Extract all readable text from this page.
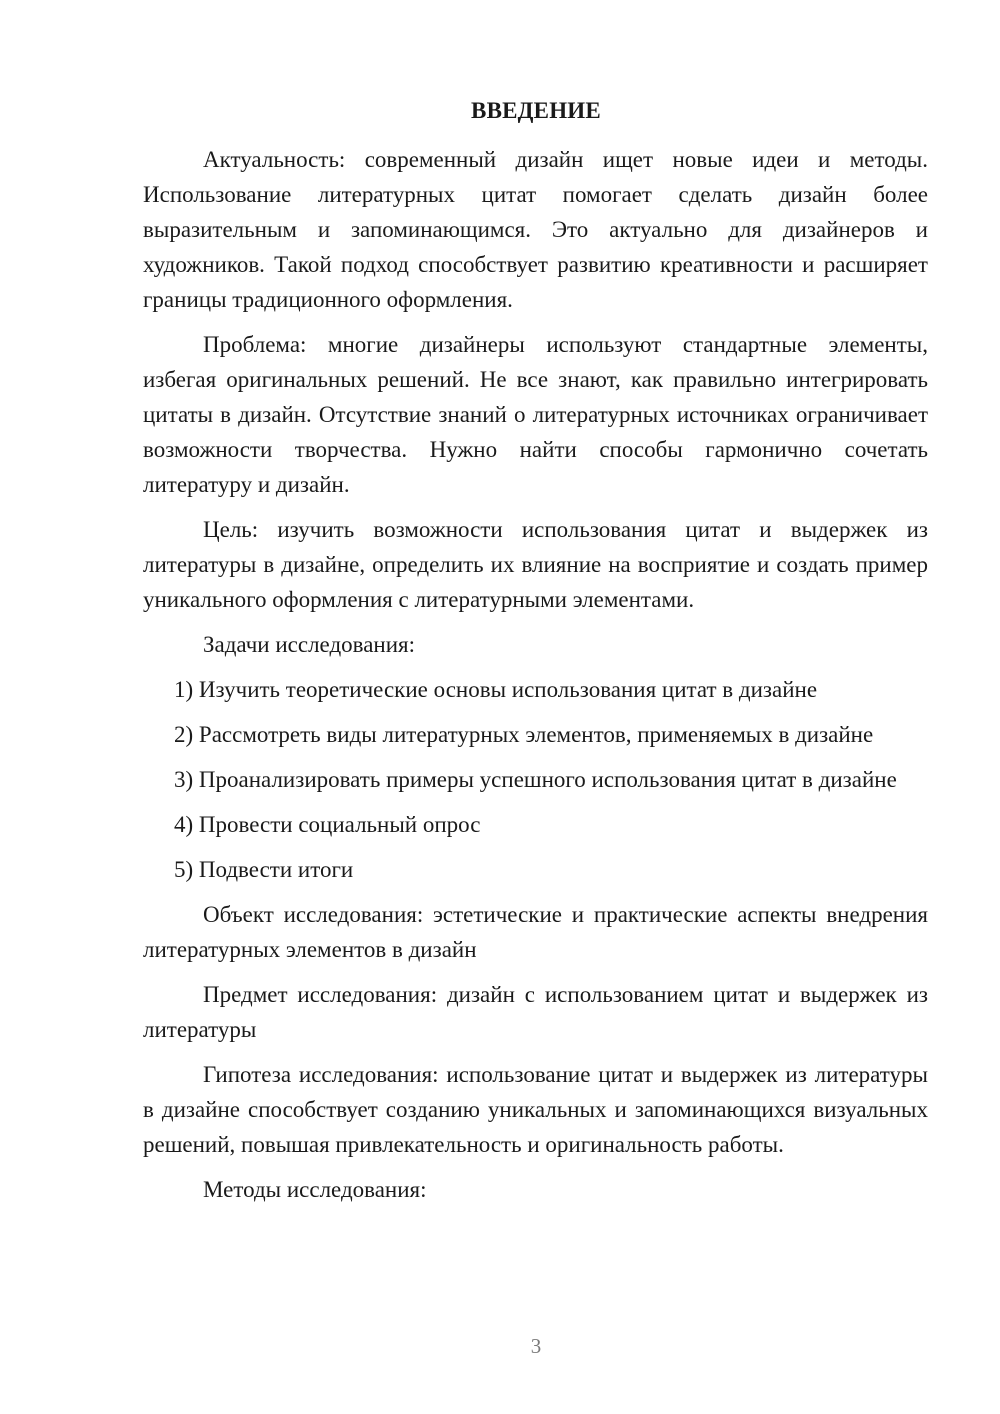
ВВЕДЕНИЕ

Актуальность: современный дизайн ищет новые идеи и методы. Использование литературных цитат помогает сделать дизайн более выразительным и запоминающимся. Это актуально для дизайнеров и художников. Такой подход способствует развитию креативности и расширяет границы традиционного оформления.

Проблема: многие дизайнеры используют стандартные элементы, избегая оригинальных решений. Не все знают, как правильно интегрировать цитаты в дизайн. Отсутствие знаний о литературных источниках ограничивает возможности творчества. Нужно найти способы гармонично сочетать литературу и дизайн.

Цель: изучить возможности использования цитат и выдержек из литературы в дизайне, определить их влияние на восприятие и создать пример уникального оформления с литературными элементами.

Задачи исследования:

1) Изучить теоретические основы использования цитат в дизайне

2) Рассмотреть виды литературных элементов, применяемых в дизайне

3) Проанализировать примеры успешного использования цитат в дизайне

4) Провести социальный опрос

5) Подвести итоги

Объект исследования: эстетические и практические аспекты внедрения литературных элементов в дизайн

Предмет исследования: дизайн с использованием цитат и выдержек из литературы

Гипотеза исследования: использование цитат и выдержек из литературы в дизайне способствует созданию уникальных и запоминающихся визуальных решений, повышая привлекательность и оригинальность работы.

Методы исследования:

3
